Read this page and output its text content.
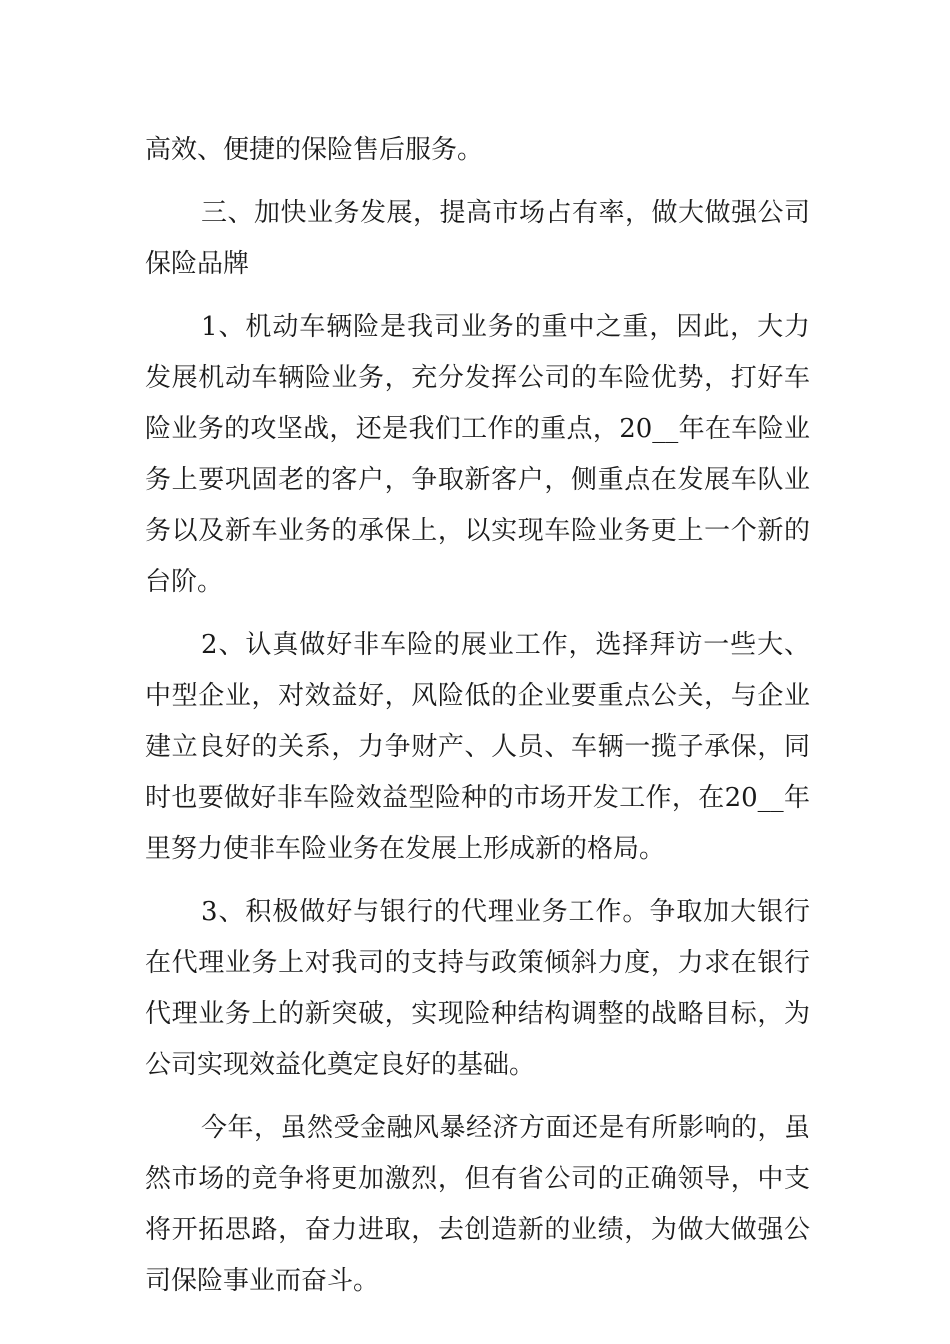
高效、便捷的保险售后服务。

三、加快业务发展，提高市场占有率，做大做强公司保险品牌

1、机动车辆险是我司业务的重中之重，因此，大力发展机动车辆险业务，充分发挥公司的车险优势，打好车险业务的攻坚战，还是我们工作的重点，20__年在车险业务上要巩固老的客户，争取新客户，侧重点在发展车队业务以及新车业务的承保上，以实现车险业务更上一个新的台阶。

2、认真做好非车险的展业工作，选择拜访一些大、中型企业，对效益好，风险低的企业要重点公关，与企业建立良好的关系，力争财产、人员、车辆一揽子承保，同时也要做好非车险效益型险种的市场开发工作，在20__年里努力使非车险业务在发展上形成新的格局。

3、积极做好与银行的代理业务工作。争取加大银行在代理业务上对我司的支持与政策倾斜力度，力求在银行代理业务上的新突破，实现险种结构调整的战略目标，为公司实现效益化奠定良好的基础。

今年，虽然受金融风暴经济方面还是有所影响的，虽然市场的竞争将更加激烈，但有省公司的正确领导，中支将开拓思路，奋力进取，去创造新的业绩，为做大做强公司保险事业而奋斗。
